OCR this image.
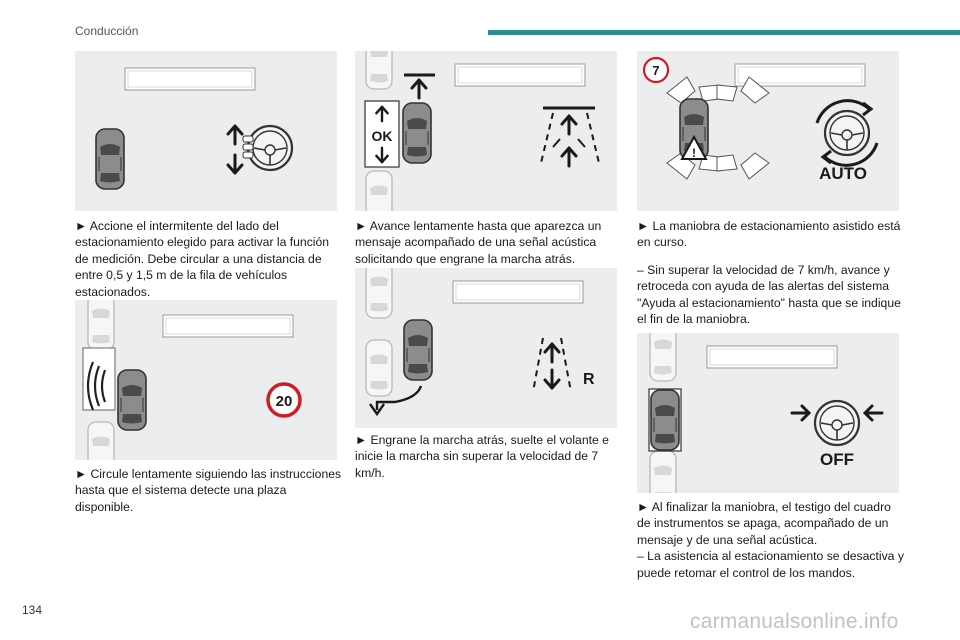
Conducción

► Accione el intermitente del lado del estacionamiento elegido para activar la función de medición. Debe circular a una distancia de entre 0,5 y 1,5 m de la fila de vehículos estacionados.

20

► Circule lentamente siguiendo las instrucciones hasta que el sistema detecte una plaza disponible.

OK

► Avance lentamente hasta que aparezca un mensaje acompañado de una señal acústica solicitando que engrane la marcha atrás.

R

► Engrane la marcha atrás, suelte el volante e inicie la marcha sin superar la velocidad de 7 km/h.

7
!
AUTO

► La maniobra de estacionamiento asistido está en curso.

– Sin superar la velocidad de 7 km/h, avance y retroceda con ayuda de las alertas del sistema "Ayuda al estacionamiento" hasta que se indique el fin de la maniobra.

OFF

► Al finalizar la maniobra, el testigo del cuadro de instrumentos se apaga, acompañado de un mensaje y de una señal acústica.

– La asistencia al estacionamiento se desactiva y puede retomar el control de los mandos.

134	carmanualsonline.info
